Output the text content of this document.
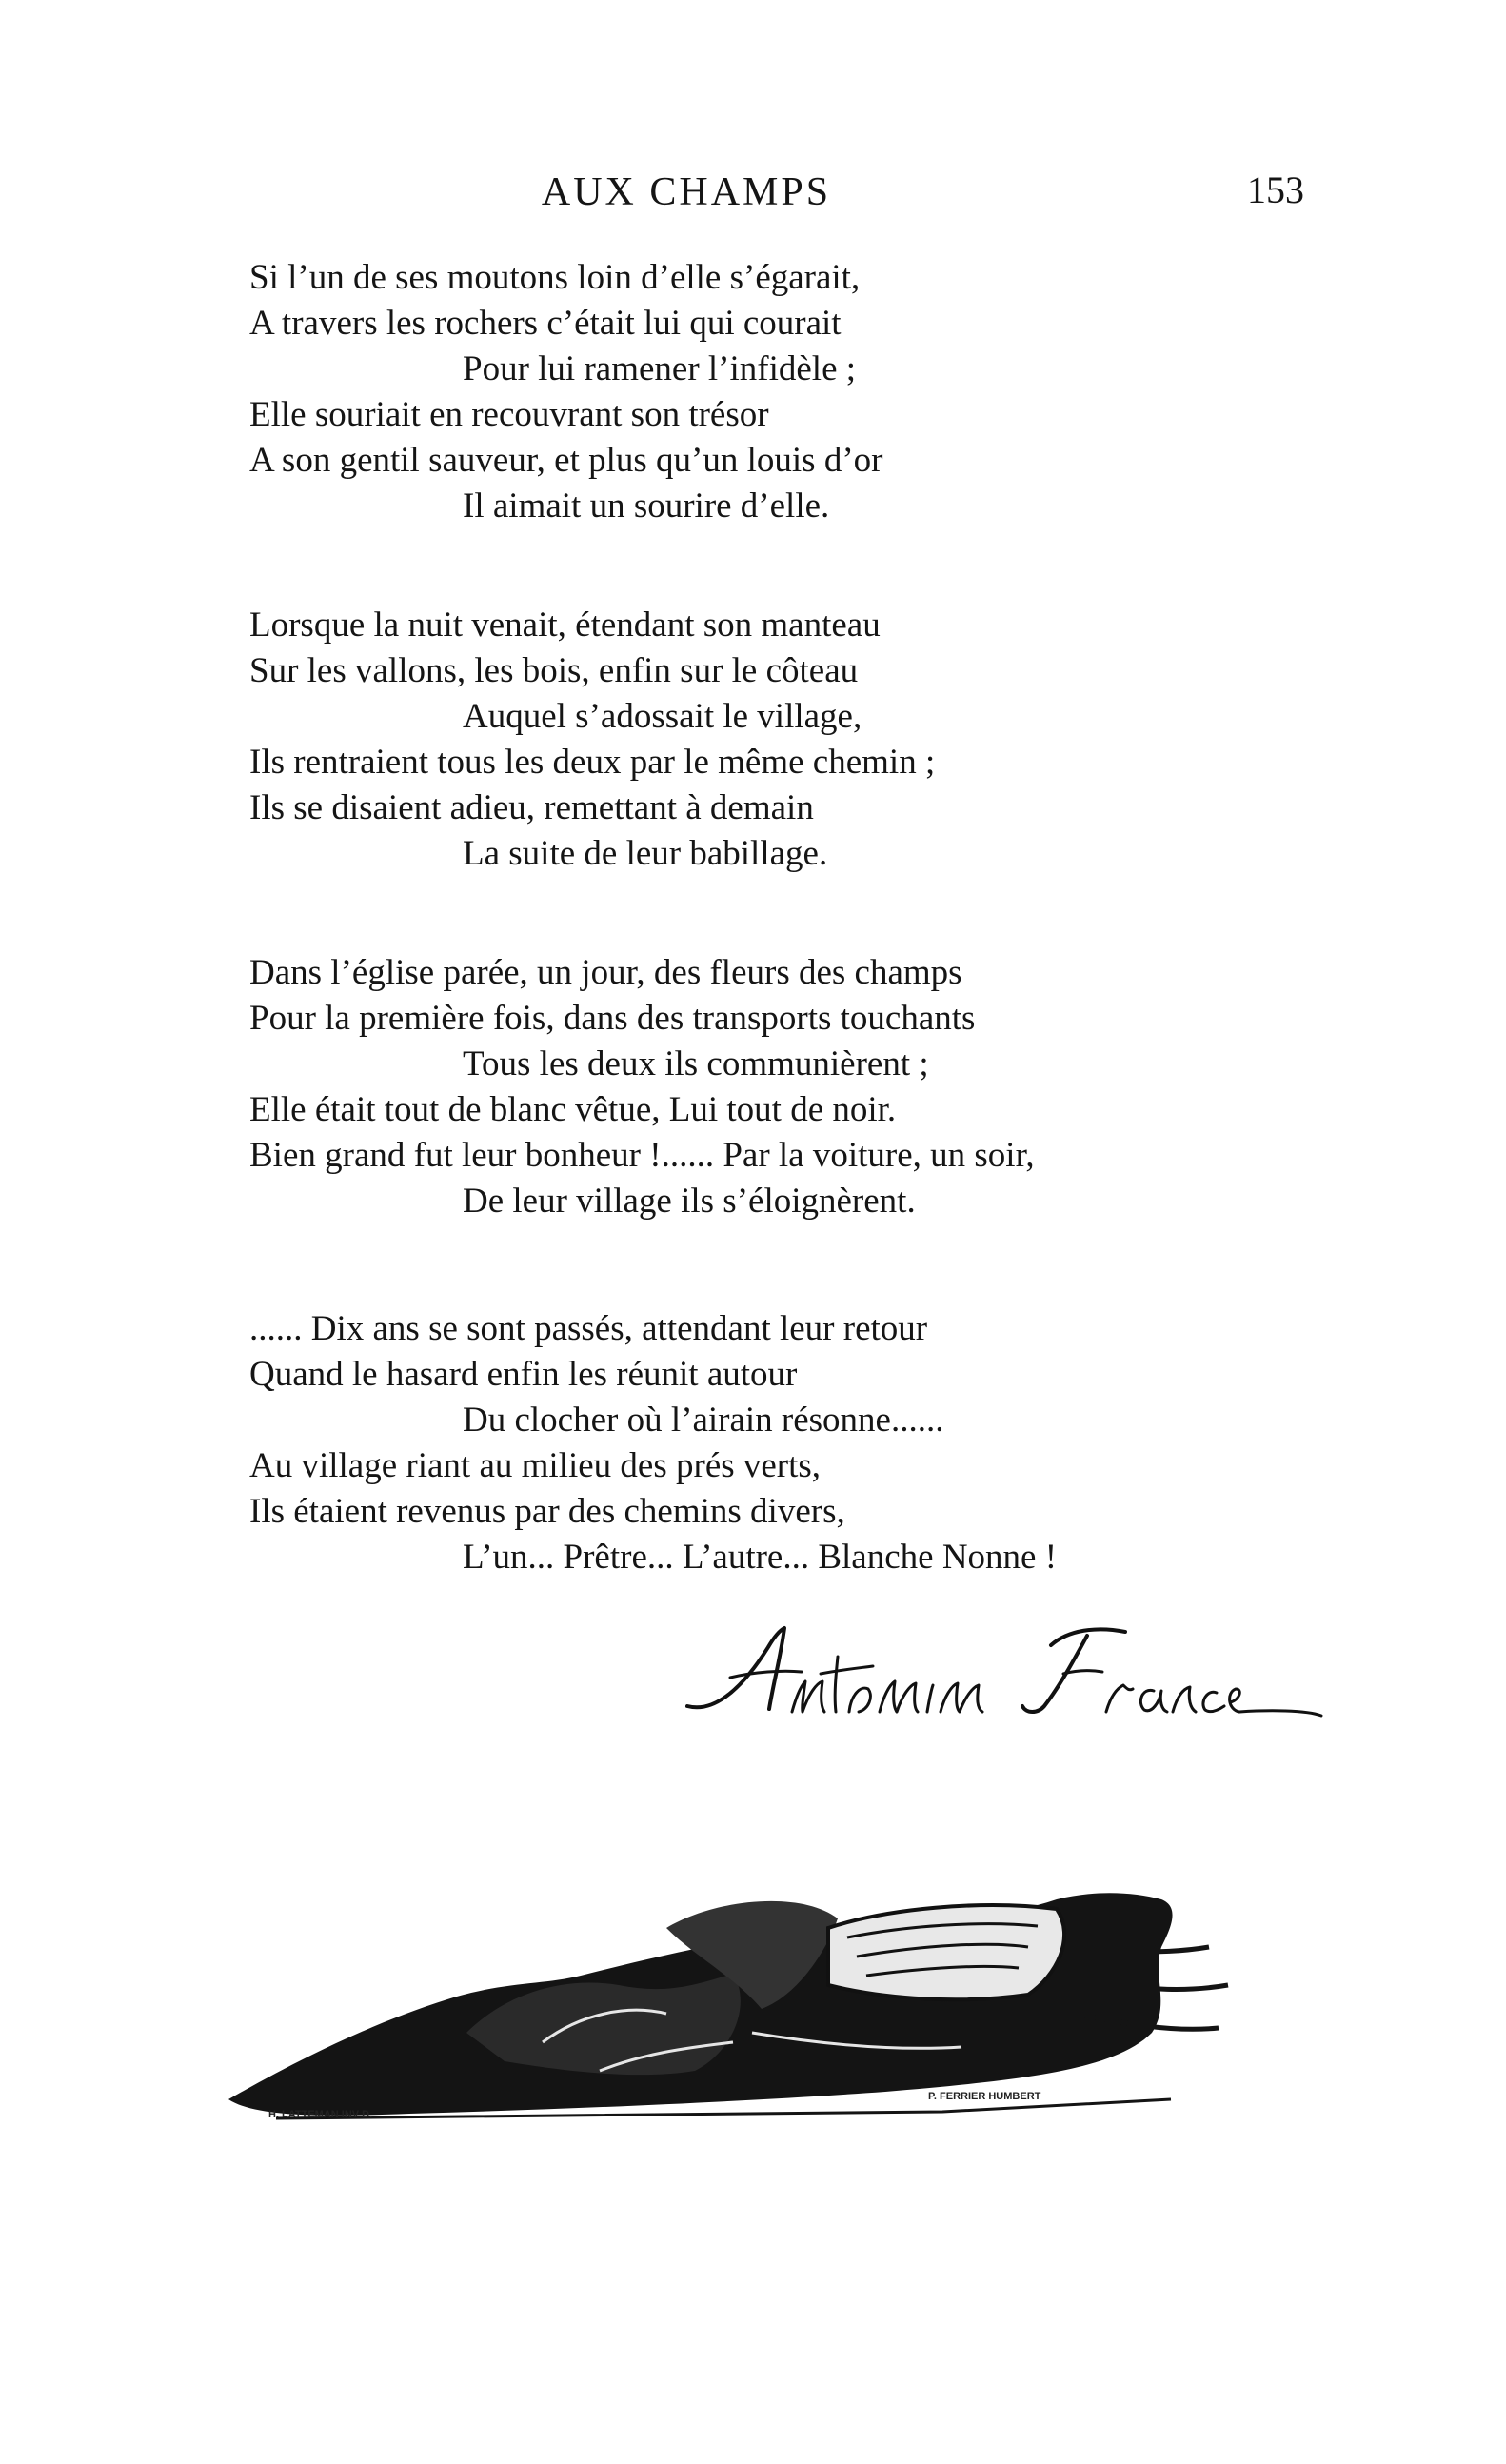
AUX CHAMPS	153
Si l’un de ses moutons loin d’elle s’égarait,
A travers les rochers c’était lui qui courait
Pour lui ramener l’infidèle ;
Elle souriait en recouvrant son trésor
A son gentil sauveur, et plus qu’un louis d’or
Il aimait un sourire d’elle.
Lorsque la nuit venait, étendant son manteau
Sur les vallons, les bois, enfin sur le côteau
Auquel s’adossait le village,
Ils rentraient tous les deux par le même chemin ;
Ils se disaient adieu, remettant à demain
La suite de leur babillage.
Dans l’église parée, un jour, des fleurs des champs
Pour la première fois, dans des transports touchants
Tous les deux ils communièrent ;
Elle était tout de blanc vêtue, Lui tout de noir.
Bien grand fut leur bonheur !...... Par la voiture, un soir,
De leur village ils s’éloignèrent.
...... Dix ans se sont passés, attendant leur retour
Quand le hasard enfin les réunit autour
Du clocher où l’airain résonne......
Au village riant au milieu des prés verts,
Ils étaient revenus par des chemins divers,
L’un... Prêtre... L’autre... Blanche Nonne !
H. LATTEMAN INV D.
P. FERRIER HUMBERT
